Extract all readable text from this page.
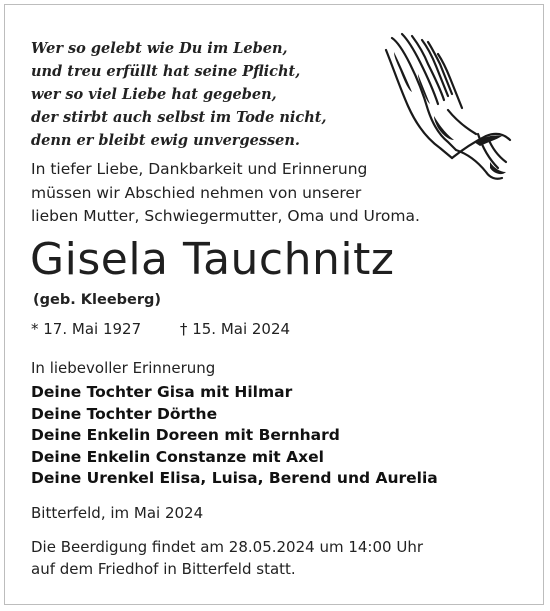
Wer so gelebt wie Du im Leben,
und treu erfüllt hat seine Pflicht,
wer so viel Liebe hat gegeben,
der stirbt auch selbst im Tode nicht,
denn er bleibt ewig unvergessen.
In tiefer Liebe, Dankbarkeit und Erinnerung
müssen wir Abschied nehmen von unserer
lieben Mutter, Schwiegermutter, Oma und Uroma.
Gisela Tauchnitz
(geb. Kleeberg)
* 17. Mai 1927	† 15. Mai 2024
In liebevoller Erinnerung
Deine Tochter Gisa mit Hilmar
Deine Tochter Dörthe
Deine Enkelin Doreen mit Bernhard
Deine Enkelin Constanze mit Axel
Deine Urenkel Elisa, Luisa, Berend und Aurelia
Bitterfeld, im Mai 2024
Die Beerdigung findet am 28.05.2024 um 14:00 Uhr
auf dem Friedhof in Bitterfeld statt.
